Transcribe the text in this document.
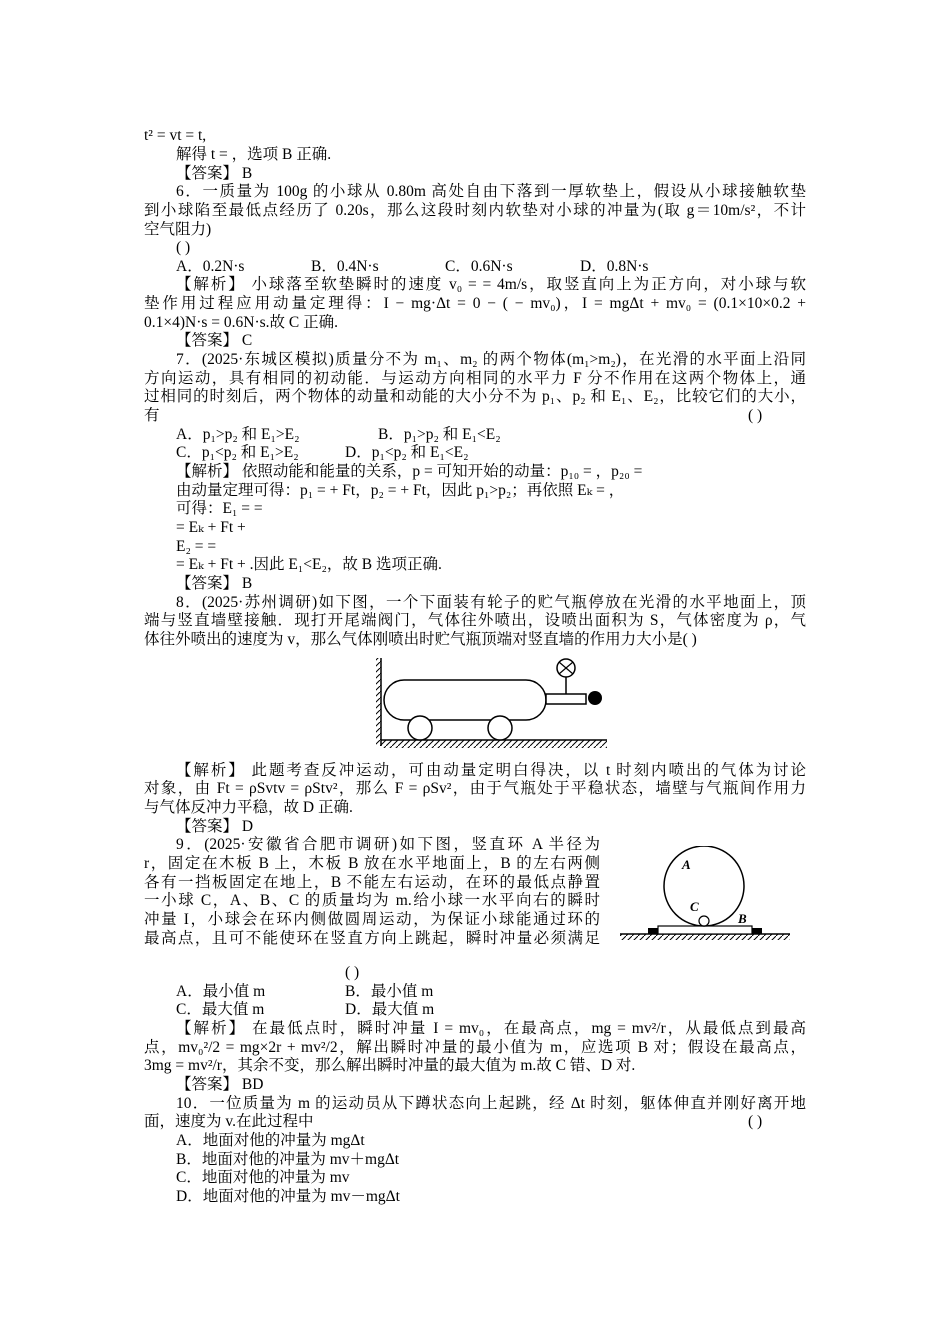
t² = vt = t,
解得 t = ，选项 B 正确.
【答案】 B
6．一质量为 100g 的小球从 0.80m 高处自由下落到一厚软垫上，假设从小球接触软垫
到小球陷至最低点经历了 0.20s，那么这段时刻内软垫对小球的冲量为(取 g＝10m/s²，不计
空气阻力)
( )
A．0.2N·s	B．0.4N·s	C．0.6N·s	D．0.8N·s
【解析】 小球落至软垫瞬时的速度 v₀ = = 4m/s，取竖直向上为正方向，对小球与软
垫作用过程应用动量定理得：I − mg·Δt = 0 − ( − mv₀)，I = mgΔt + mv₀ = (0.1×10×0.2 +
0.1×4)N·s = 0.6N·s.故 C 正确.
【答案】 C
7．(2025·东城区模拟)质量分不为 m₁、m₂ 的两个物体(m₁>m₂)，在光滑的水平面上沿同
方向运动，具有相同的初动能．与运动方向相同的水平力 F 分不作用在这两个物体上，通
过相同的时刻后，两个物体的动量和动能的大小分不为 p₁、p₂ 和 E₁、E₂，比较它们的大小，
有	( )
A．p₁>p₂ 和 E₁>E₂	B．p₁>p₂ 和 E₁<E₂
C．p₁<p₂ 和 E₁>E₂	D．p₁<p₂ 和 E₁<E₂
【解析】 依照动能和能量的关系，p = 可知开始的动量：p₁₀ = ，p₂₀ =
由动量定理可得：p₁ = + Ft，p₂ = + Ft，因此 p₁>p₂；再依照 Eₖ = ，
可得：E₁ = =
= Eₖ + Ft +
E₂ = =
= Eₖ + Ft + .因此 E₁<E₂，故 B 选项正确.
【答案】 B
8．(2025·苏州调研)如下图，一个下面装有轮子的贮气瓶停放在光滑的水平地面上，顶
端与竖直墙壁接触．现打开尾端阀门，气体往外喷出，设喷出面积为 S，气体密度为 ρ，气
体往外喷出的速度为 v，那么气体刚喷出时贮气瓶顶端对竖直墙的作用力大小是( )
【解析】 此题考查反冲运动，可由动量定明白得决，以 t 时刻内喷出的气体为讨论
对象，由 Ft = ρSvtv = ρStv²，那么 F = ρSv²，由于气瓶处于平稳状态，墙壁与气瓶间作用力
与气体反冲力平稳，故 D 正确.
【答案】 D
9．(2025·安徽省合肥市调研)如下图，竖直环 A 半径为
r，固定在木板 B 上，木板 B 放在水平地面上，B 的左右两侧
各有一挡板固定在地上，B 不能左右运动，在环的最低点静置
一小球 C，A、B、C 的质量均为 m.给小球一水平向右的瞬时
冲量 I，小球会在环内侧做圆周运动，为保证小球能通过环的
最高点，且可不能使环在竖直方向上跳起，瞬时冲量必须满足
A
C
B
( )
A．最小值 m	B．最小值 m
C．最大值 m	D．最大值 m
【解析】 在最低点时，瞬时冲量 I = mv₀，在最高点，mg = mv²/r，从最低点到最高
点，mv₀²/2 = mg×2r + mv²/2，解出瞬时冲量的最小值为 m，应选项 B 对；假设在最高点，
3mg = mv²/r，其余不变，那么解出瞬时冲量的最大值为 m.故 C 错、D 对.
【答案】 BD
10．一位质量为 m 的运动员从下蹲状态向上起跳，经 Δt 时刻，躯体伸直并刚好离开地
面，速度为 v.在此过程中	( )
A．地面对他的冲量为 mgΔt
B．地面对他的冲量为 mv＋mgΔt
C．地面对他的冲量为 mv
D．地面对他的冲量为 mv－mgΔt
